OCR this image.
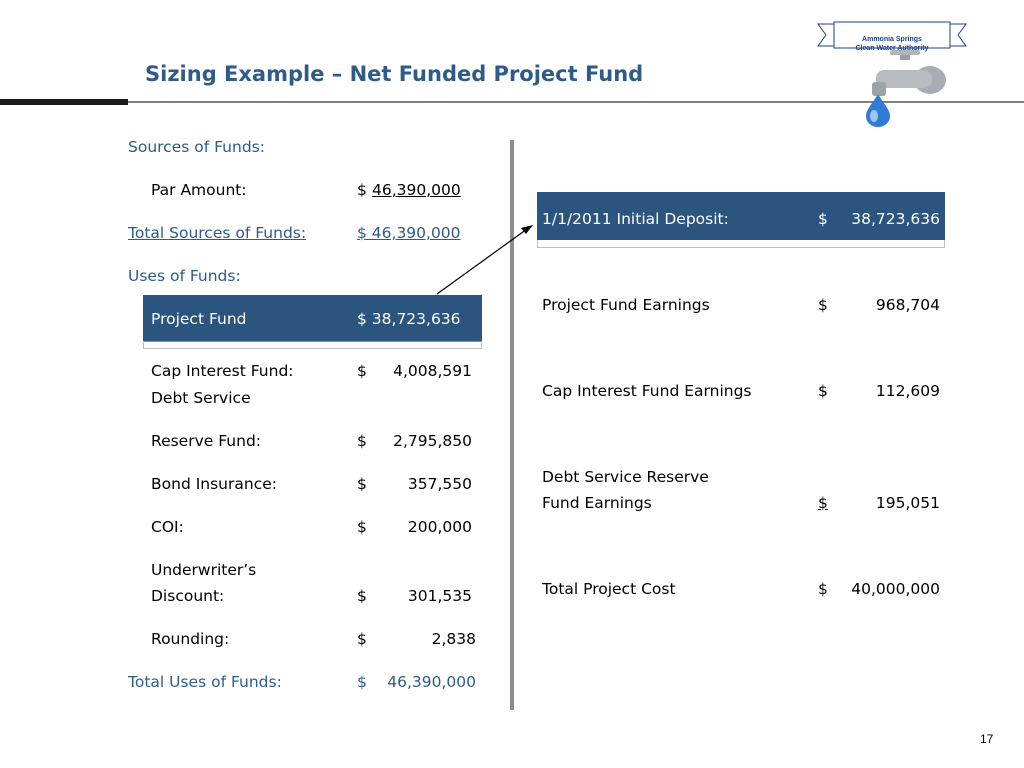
Sizing Example – Net Funded Project Fund
Ammonia Springs
Clean Water Authority
Sources of Funds:
Par Amount:	$ 46,390,000
Total Sources of Funds:	$ 46,390,000
Uses of Funds:
Project Fund	$ 38,723,636
Cap Interest Fund:	$	4,008,591
Debt Service
Reserve Fund:	$	2,795,850
Bond Insurance:	$	357,550
COI:	$	200,000
Underwriter’s
Discount:	$	301,535
Rounding:	$	2,838
Total Uses of Funds:	$	46,390,000
1/1/2011 Initial Deposit:	$	38,723,636
Project Fund Earnings	$	968,704
Cap Interest Fund Earnings	$	112,609
Debt Service Reserve
Fund Earnings	$	195,051
Total Project Cost	$	40,000,000
17
